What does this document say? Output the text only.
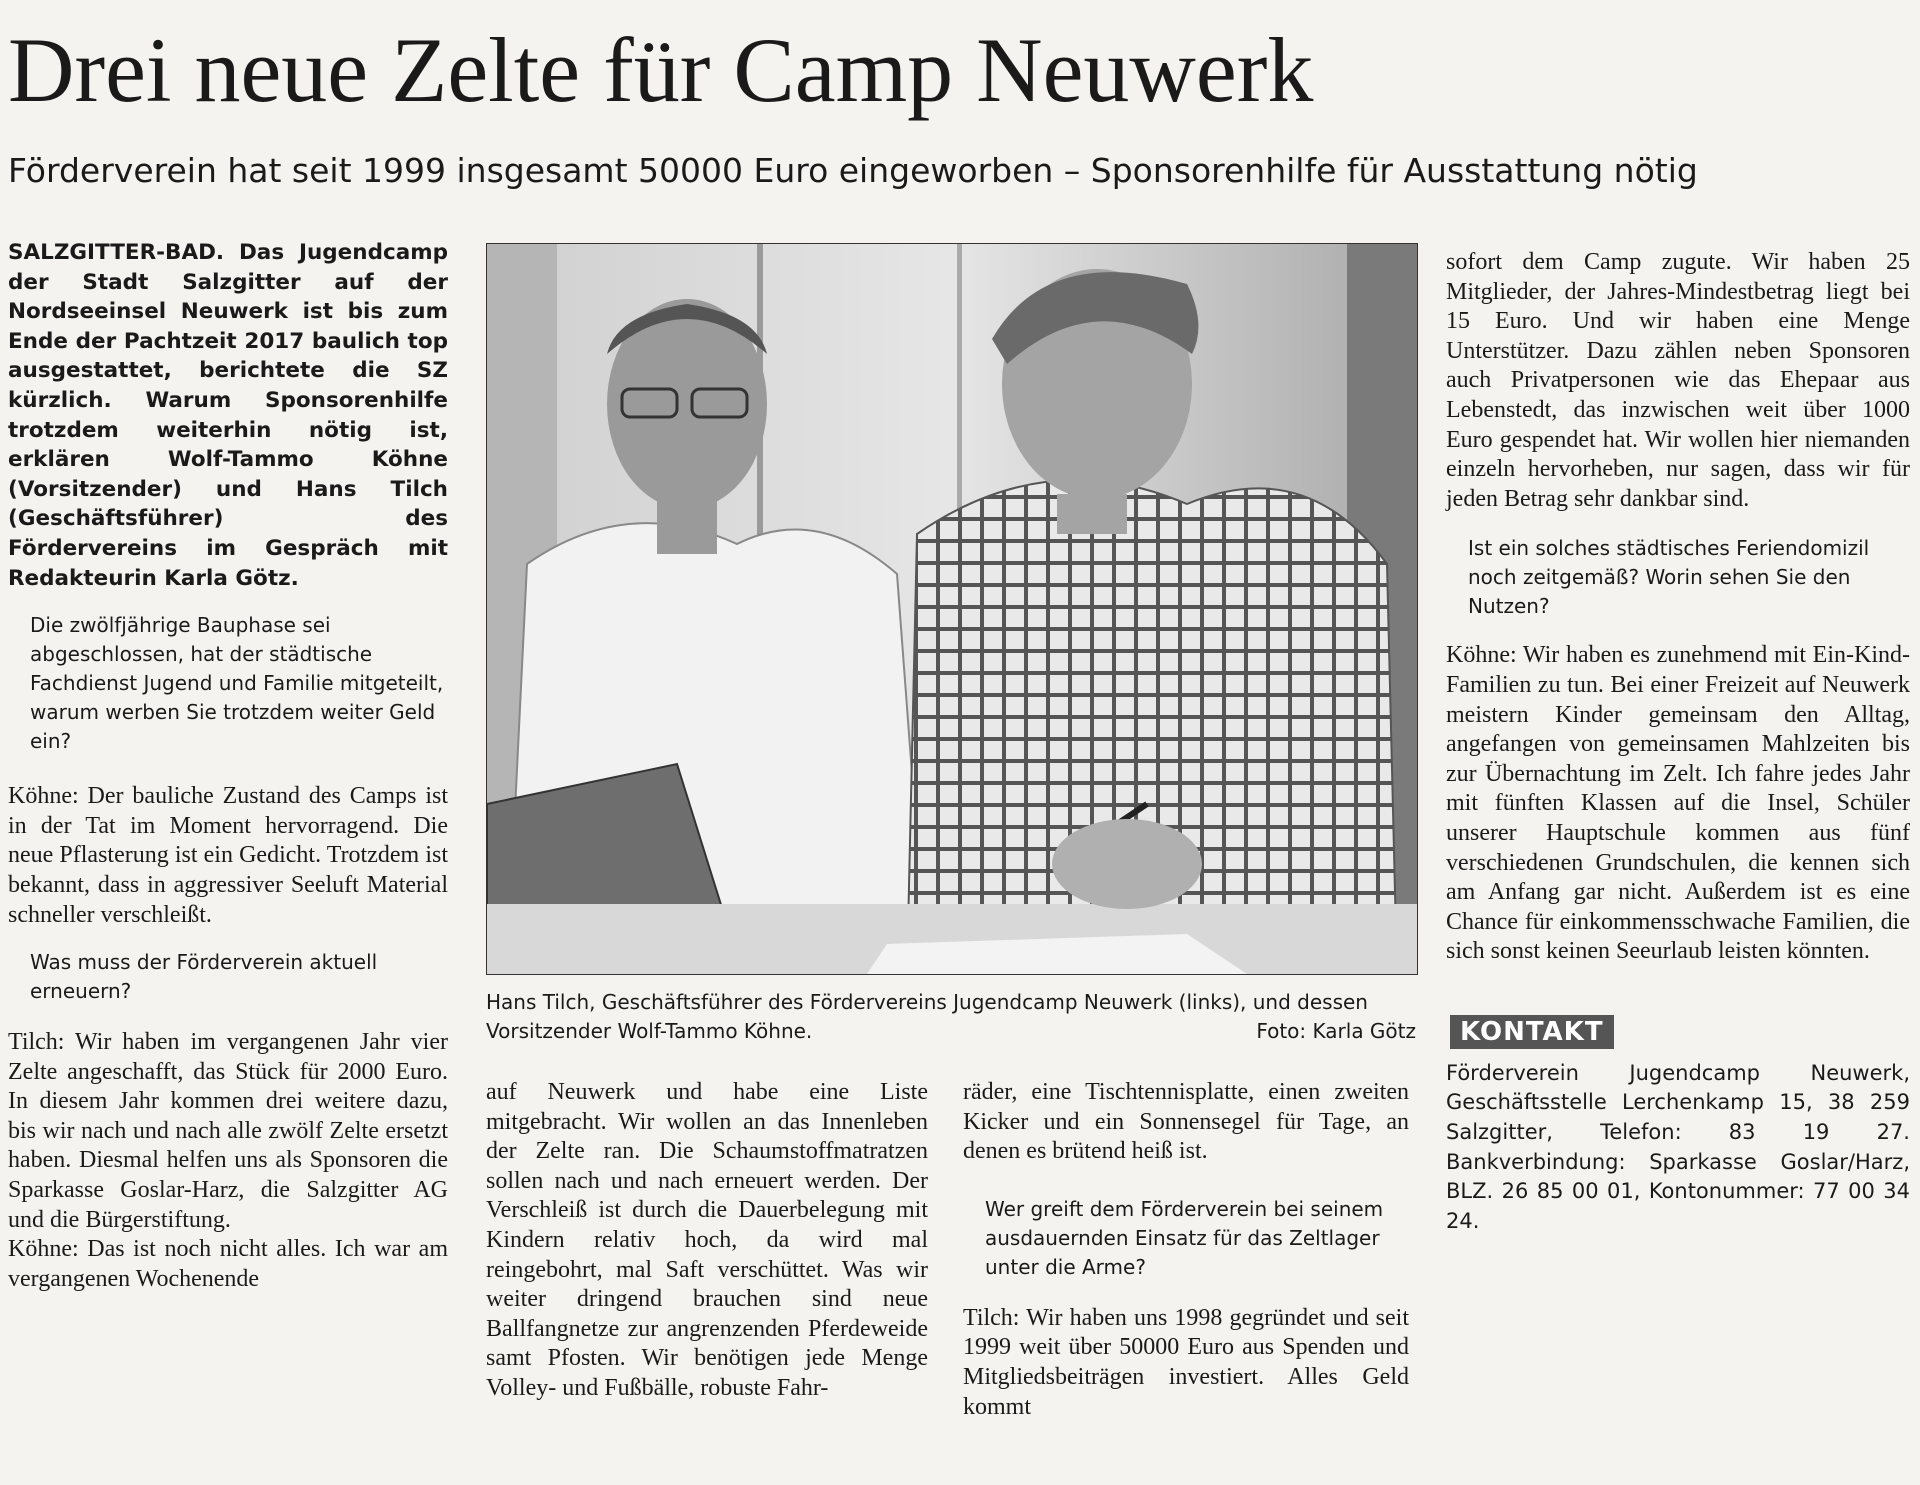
Drei neue Zelte für Camp Neuwerk
Förderverein hat seit 1999 insgesamt 50000 Euro eingeworben – Sponsorenhilfe für Ausstattung nötig

SALZGITTER-BAD. Das Jugendcamp der Stadt Salzgitter auf der Nordseeinsel Neuwerk ist bis zum Ende der Pachtzeit 2017 baulich top ausgestattet, berichtete die SZ kürzlich. Warum Sponsorenhilfe trotzdem weiterhin nötig ist, erklären Wolf-Tammo Köhne (Vorsitzender) und Hans Tilch (Geschäftsführer) des Fördervereins im Gespräch mit Redakteurin Karla Götz.

Die zwölfjährige Bauphase sei abgeschlossen, hat der städtische Fachdienst Jugend und Familie mitgeteilt, warum werben Sie trotzdem weiter Geld ein?

Köhne: Der bauliche Zustand des Camps ist in der Tat im Moment hervorragend. Die neue Pflasterung ist ein Gedicht. Trotzdem ist bekannt, dass in aggressiver Seeluft Material schneller verschleißt.

Was muss der Förderverein aktuell erneuern?

Tilch: Wir haben im vergangenen Jahr vier Zelte angeschafft, das Stück für 2000 Euro. In diesem Jahr kommen drei weitere dazu, bis wir nach und nach alle zwölf Zelte ersetzt haben. Diesmal helfen uns als Sponsoren die Sparkasse Goslar-Harz, die Salzgitter AG und die Bürgerstiftung.

Köhne: Das ist noch nicht alles. Ich war am vergangenen Wochenende

Hans Tilch, Geschäftsführer des Fördervereins Jugendcamp Neuwerk (links), und dessen Vorsitzender Wolf-Tammo Köhne.	Foto: Karla Götz

auf Neuwerk und habe eine Liste mitgebracht. Wir wollen an das Innenleben der Zelte ran. Die Schaumstoffmatratzen sollen nach und nach erneuert werden. Der Verschleiß ist durch die Dauerbelegung mit Kindern relativ hoch, da wird mal reingebohrt, mal Saft verschüttet. Was wir weiter dringend brauchen sind neue Ballfangnetze zur angrenzenden Pferdeweide samt Pfosten. Wir benötigen jede Menge Volley- und Fußbälle, robuste Fahr-

räder, eine Tischtennisplatte, einen zweiten Kicker und ein Sonnensegel für Tage, an denen es brütend heiß ist.

Wer greift dem Förderverein bei seinem ausdauernden Einsatz für das Zeltlager unter die Arme?

Tilch: Wir haben uns 1998 gegründet und seit 1999 weit über 50000 Euro aus Spenden und Mitgliedsbeiträgen investiert. Alles Geld kommt

sofort dem Camp zugute. Wir haben 25 Mitglieder, der Jahres-Mindestbetrag liegt bei 15 Euro. Und wir haben eine Menge Unterstützer. Dazu zählen neben Sponsoren auch Privatpersonen wie das Ehepaar aus Lebenstedt, das inzwischen weit über 1000 Euro gespendet hat. Wir wollen hier niemanden einzeln hervorheben, nur sagen, dass wir für jeden Betrag sehr dankbar sind.

Ist ein solches städtisches Feriendomizil noch zeitgemäß? Worin sehen Sie den Nutzen?

Köhne: Wir haben es zunehmend mit Ein-Kind-Familien zu tun. Bei einer Freizeit auf Neuwerk meistern Kinder gemeinsam den Alltag, angefangen von gemeinsamen Mahlzeiten bis zur Übernachtung im Zelt. Ich fahre jedes Jahr mit fünften Klassen auf die Insel, Schüler unserer Hauptschule kommen aus fünf verschiedenen Grundschulen, die kennen sich am Anfang gar nicht. Außerdem ist es eine Chance für einkommensschwache Familien, die sich sonst keinen Seeurlaub leisten könnten.

KONTAKT

Förderverein Jugendcamp Neuwerk, Geschäftsstelle Lerchenkamp 15, 38 259 Salzgitter, Telefon: 83 19 27. Bankverbindung: Sparkasse Goslar/Harz, BLZ. 26 85 00 01, Kontonummer: 77 00 34 24.
